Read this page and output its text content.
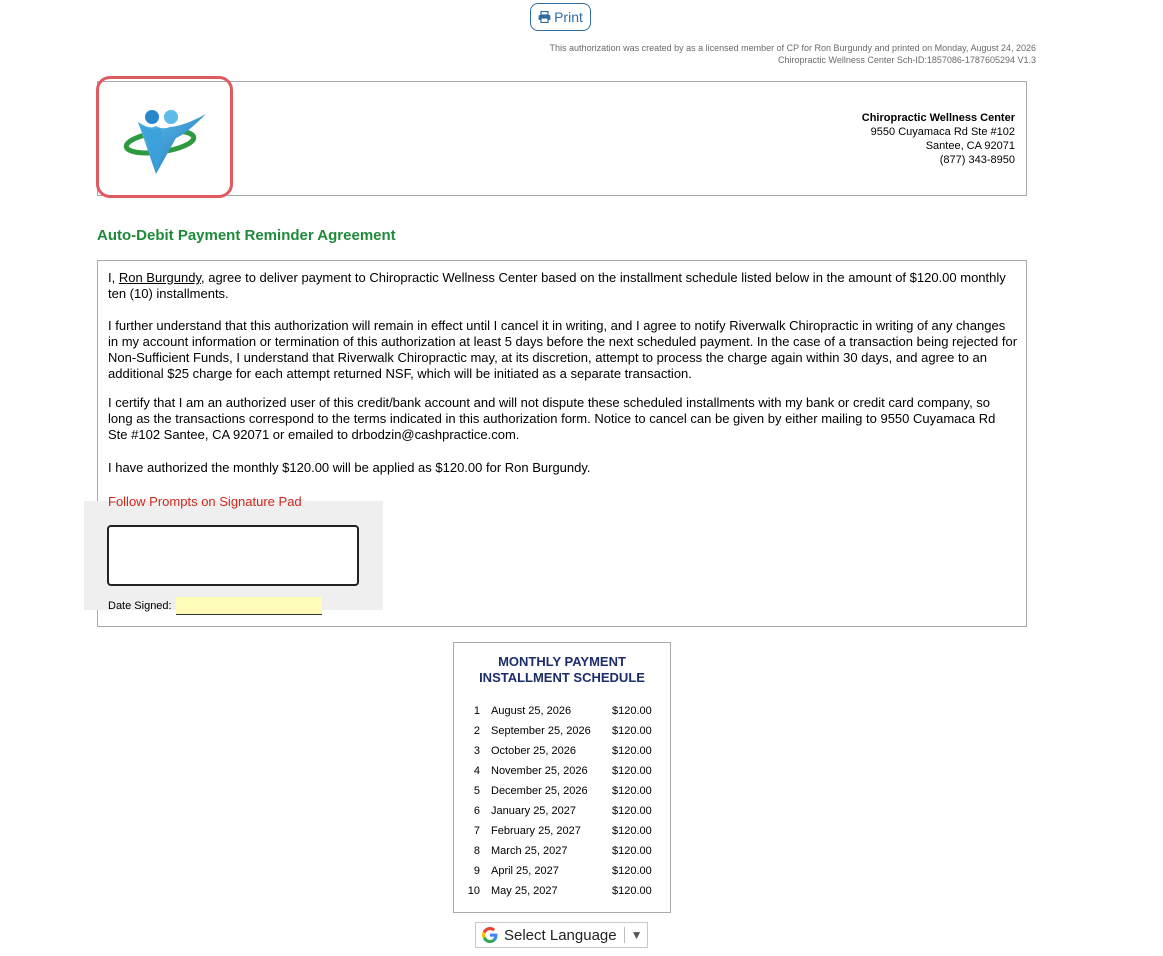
Print
This authorization was created by as a licensed member of CP for Ron Burgundy and printed on Monday, August 24, 2026
Chiropractic Wellness Center Sch-ID:1857086-1787605294 V1.3
Chiropractic Wellness Center
9550 Cuyamaca Rd Ste #102
Santee, CA 92071
(877) 343-8950
Auto-Debit Payment Reminder Agreement
I, Ron Burgundy, agree to deliver payment to Chiropractic Wellness Center based on the installment schedule listed below in the amount of $120.00 monthly ten (10) installments.
I further understand that this authorization will remain in effect until I cancel it in writing, and I agree to notify Riverwalk Chiropractic in writing of any changes in my account information or termination of this authorization at least 5 days before the next scheduled payment. In the case of a transaction being rejected for Non-Sufficient Funds, I understand that Riverwalk Chiropractic may, at its discretion, attempt to process the charge again within 30 days, and agree to an additional $25 charge for each attempt returned NSF, which will be initiated as a separate transaction.
I certify that I am an authorized user of this credit/bank account and will not dispute these scheduled installments with my bank or credit card company, so long as the transactions correspond to the terms indicated in this authorization form. Notice to cancel can be given by either mailing to 9550 Cuyamaca Rd Ste #102 Santee, CA 92071 or emailed to drbodzin@cashpractice.com.
I have authorized the monthly $120.00 will be applied as $120.00 for Ron Burgundy.
Follow Prompts on Signature Pad
Date Signed:
MONTHLY PAYMENT
INSTALLMENT SCHEDULE
1 August 25, 2026	$120.00
2 September 25, 2026 $120.00
3 October 25, 2026	$120.00
4 November 25, 2026 $120.00
5 December 25, 2026 $120.00
6 January 25, 2027	$120.00
7 February 25, 2027	$120.00
8 March 25, 2027	$120.00
9 April 25, 2027	$120.00
10 May 25, 2027	$120.00
Select Language ▼
